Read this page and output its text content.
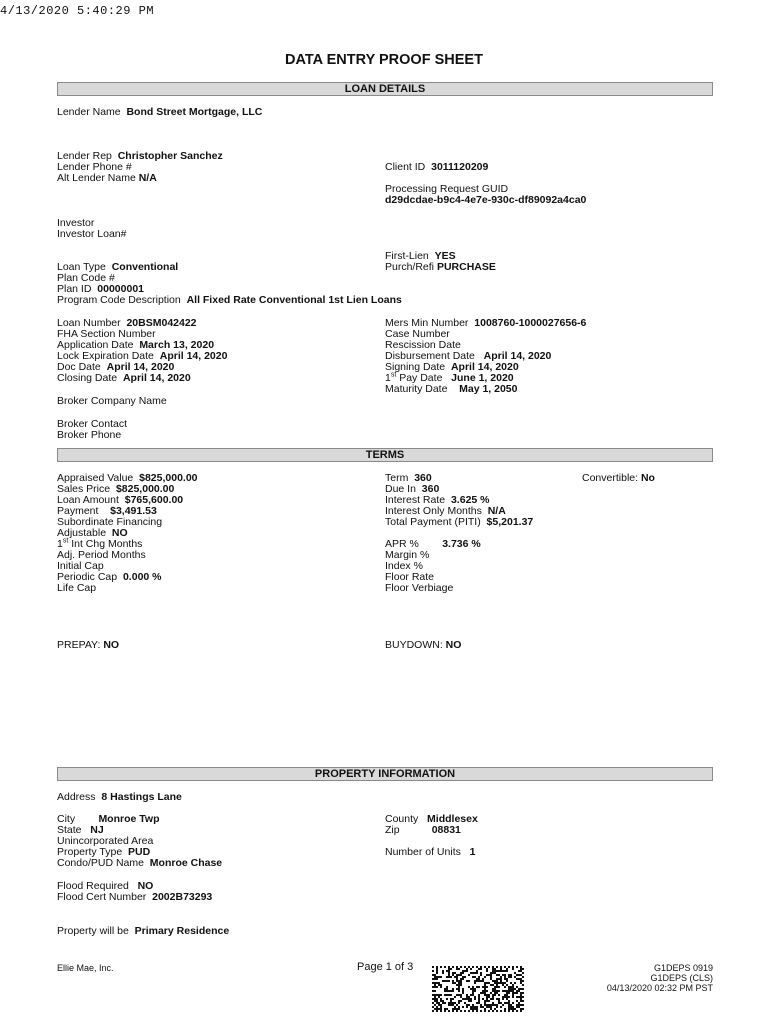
4/13/2020 5:40:29 PM
DATA ENTRY PROOF SHEET
LOAN DETAILS
Lender Name Bond Street Mortgage, LLC
Lender Rep Christopher Sanchez
Lender Phone #
Alt Lender Name N/A
Client ID 3011120209
Processing Request GUID
d29dcdae-b9c4-4e7e-930c-df89092a4ca0
Investor
Investor Loan#
First-Lien YES
Loan Type Conventional	Purch/Refi PURCHASE
Plan Code #
Plan ID 00000001
Program Code Description All Fixed Rate Conventional 1st Lien Loans
Loan Number 20BSM042422	Mers Min Number 1008760-1000027656-6
FHA Section Number	Case Number
Application Date March 13, 2020	Rescission Date
Lock Expiration Date April 14, 2020	Disbursement Date April 14, 2020
Doc Date April 14, 2020	Signing Date April 14, 2020
Closing Date April 14, 2020	1st Pay Date June 1, 2020
Maturity Date May 1, 2050
Broker Company Name
Broker Contact
Broker Phone
TERMS
Appraised Value $825,000.00	Term 360	Convertible: No
Sales Price $825,000.00	Due In 360
Loan Amount $765,600.00	Interest Rate 3.625 %
Payment $3,491.53	Interest Only Months N/A
Subordinate Financing	Total Payment (PITI) $5,201.37
Adjustable NO
1st Int Chg Months	APR % 3.736 %
Adj. Period Months	Margin %
Initial Cap	Index %
Periodic Cap 0.000 %	Floor Rate
Life Cap	Floor Verbiage
PREPAY: NO	BUYDOWN: NO
PROPERTY INFORMATION
Address 8 Hastings Lane
City Monroe Twp	County Middlesex
State NJ	Zip	08831
Unincorporated Area
Property Type PUD	Number of Units 1
Condo/PUD Name Monroe Chase
Flood Required NO
Flood Cert Number 2002B73293
Property will be Primary Residence
Ellie Mae, Inc.	Page 1 of 3	G1DEPS 0919
G1DEPS (CLS)
04/13/2020 02:32 PM PST
